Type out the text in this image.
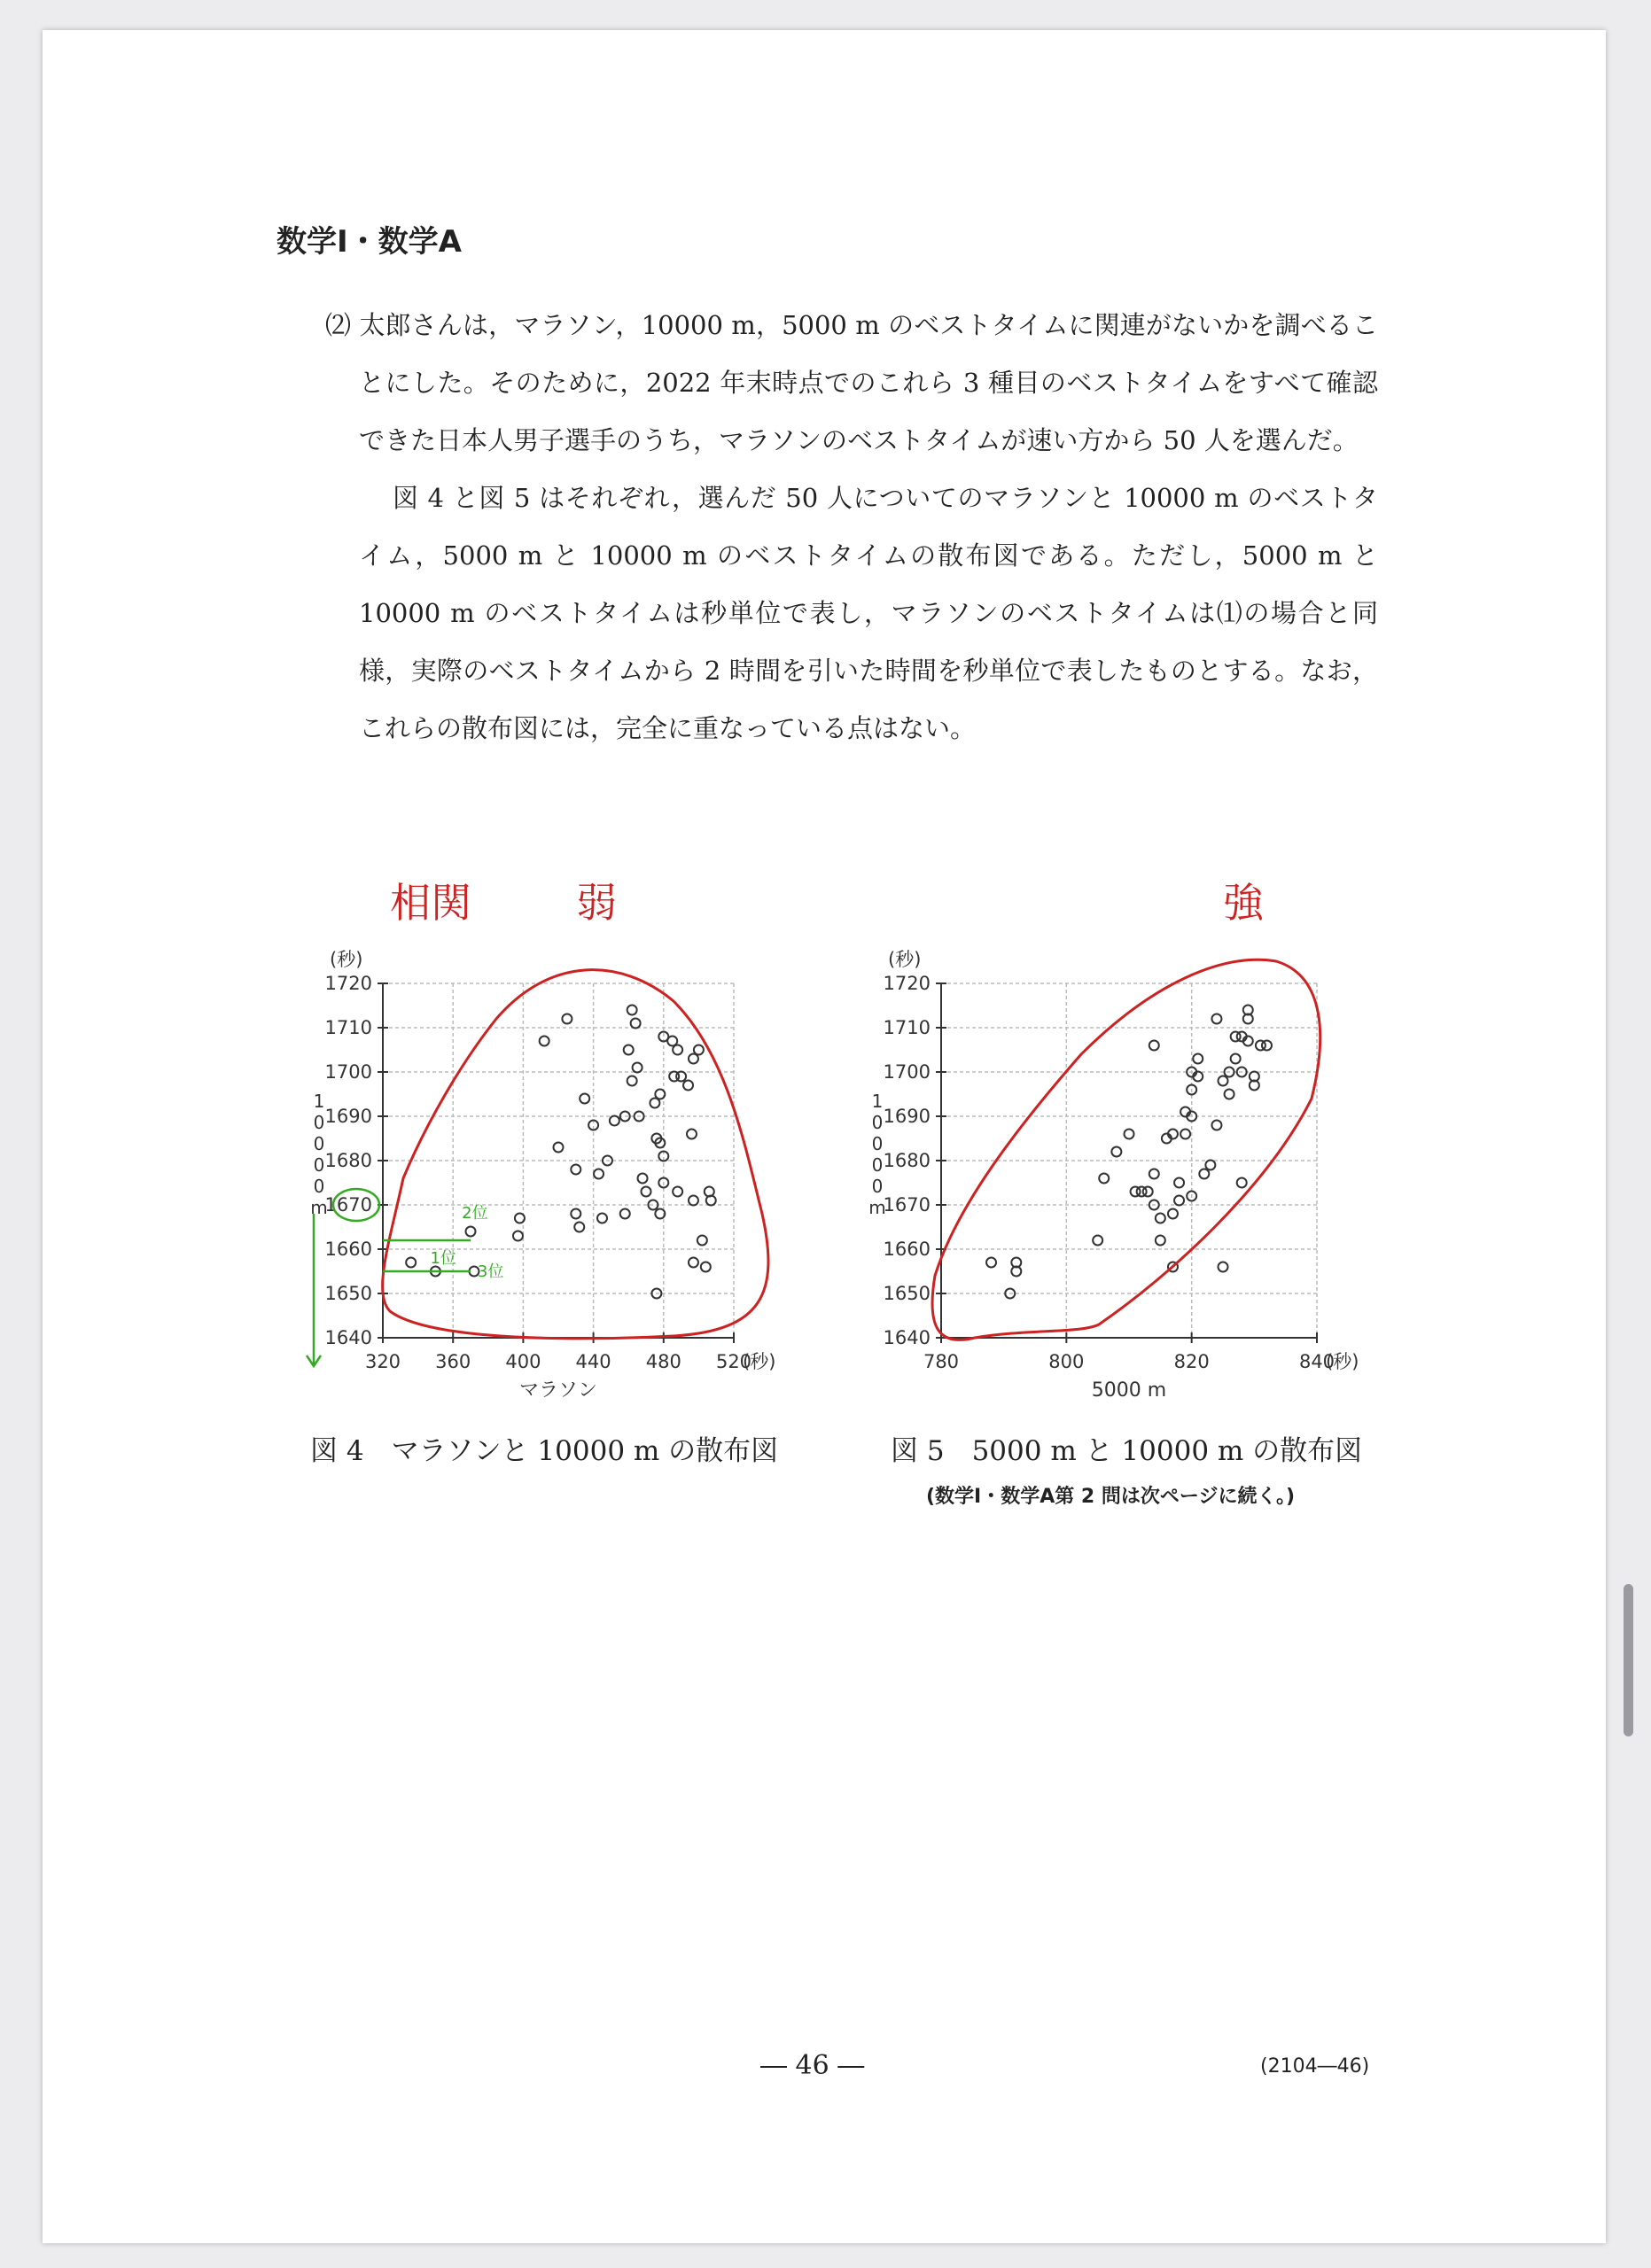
数学Ⅰ・数学A

⑵ 太郎さんは，マラソン，10000 m，5000 m のベストタイムに関連がないかを調べることにした。そのために，2022 年末時点でのこれら 3 種目のベストタイムをすべて確認できた日本人男子選手のうち，マラソンのベストタイムが速い方から 50 人を選んだ。

図 4 と図 5 はそれぞれ，選んだ 50 人についてのマラソンと 10000 m のベストタイム，5000 m と 10000 m のベストタイムの散布図である。ただし，5000 m と 10000 m のベストタイムは秒単位で表し，マラソンのベストタイムは⑴の場合と同様，実際のベストタイムから 2 時間を引いた時間を秒単位で表したものとする。なお，これらの散布図には，完全に重なっている点はない。

相関	弱	強
320 360 400 440 480 520
1640
1650
1660
1670
1680
1690
1700
1710
1720
(秒)
(秒)
マラソン
1
0
0
0
0
m
780	800	820	840
1640
1650
1660
1670
1680
1690
1700
1710
1720
(秒)
(秒)
5000 m
1
0
0
0
0
m
1位
2位
3位
図 4　マラソンと 10000 m の散布図	図 5　5000 m と 10000 m の散布図
(数学Ⅰ・数学A第 2 問は次ページに続く。)
― 46 ―	(2104―46)
